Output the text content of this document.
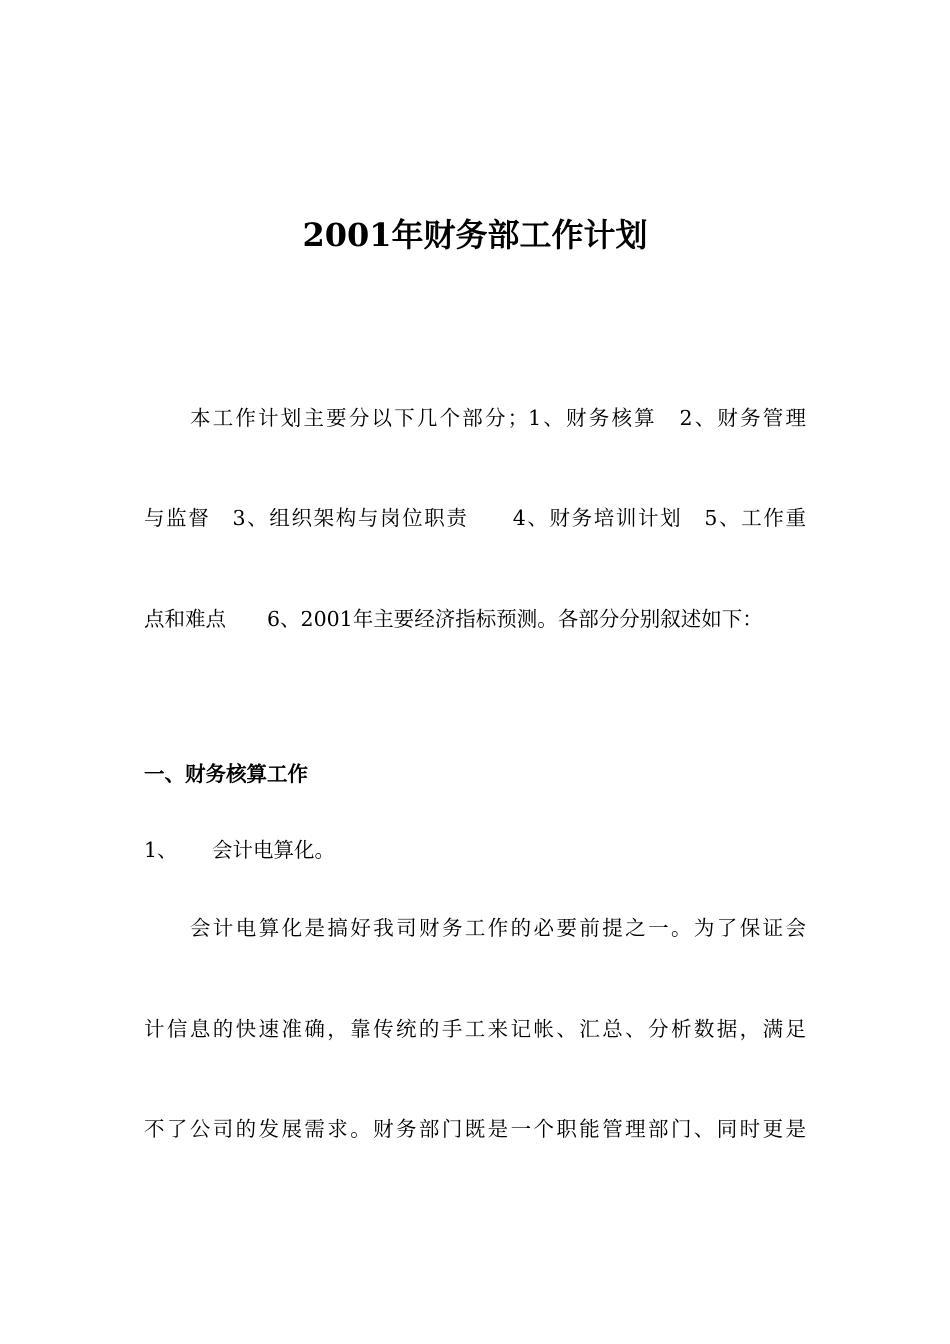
2001年财务部工作计划
本工作计划主要分以下几个部分；1、财务核算　2、财务管理
与监督　3、组织架构与岗位职责　　4、财务培训计划　5、工作重
点和难点　　6、2001年主要经济指标预测。各部分分别叙述如下：
一、财务核算工作
1、 会计电算化。
会计电算化是搞好我司财务工作的必要前提之一。为了保证会
计信息的快速准确，靠传统的手工来记帐、汇总、分析数据，满足
不了公司的发展需求。财务部门既是一个职能管理部门、同时更是
